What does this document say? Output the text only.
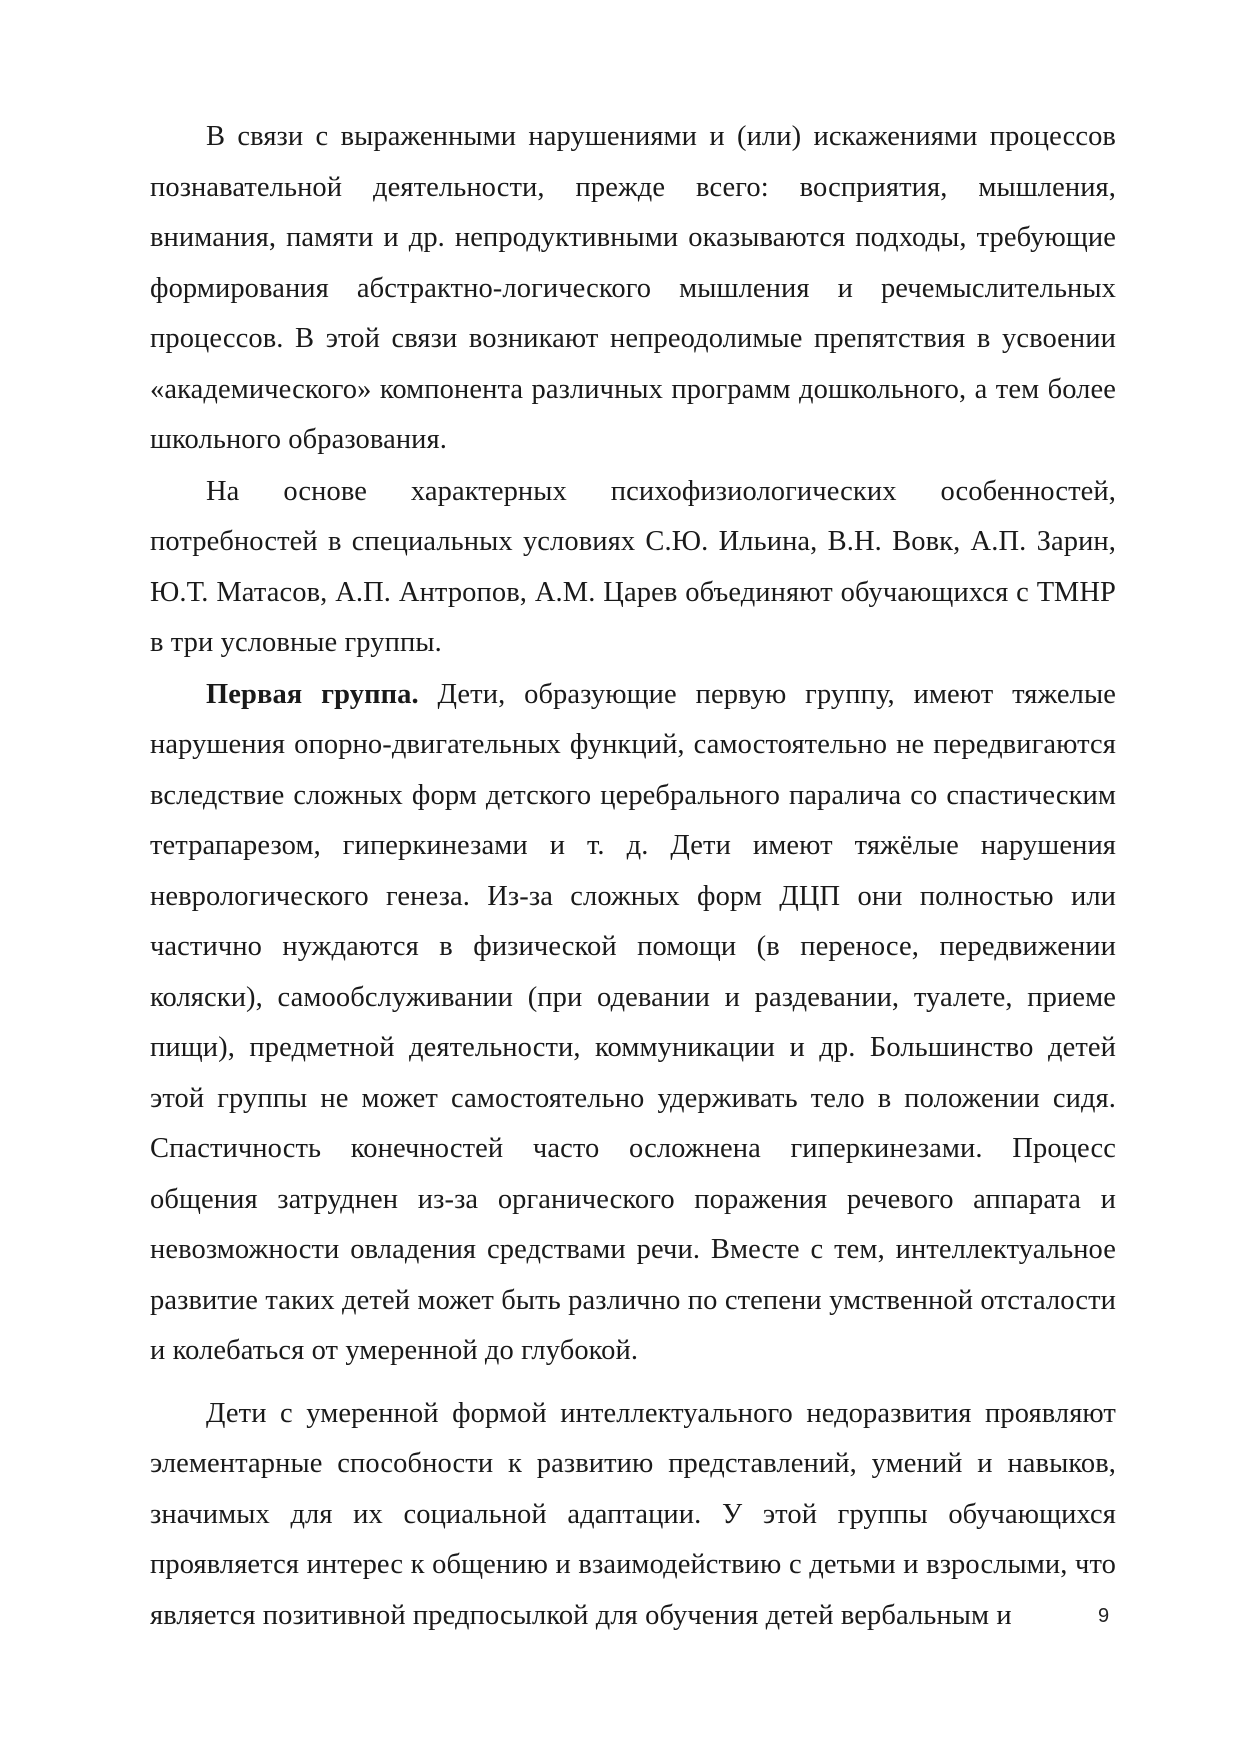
В связи с выраженными нарушениями и (или) искажениями процессов познавательной деятельности, прежде всего: восприятия, мышления, внимания, памяти и др. непродуктивными оказываются подходы, требующие формирования абстрактно-логического мышления и речемыслительных процессов. В этой связи возникают непреодолимые препятствия в усвоении «академического» компонента различных программ дошкольного, а тем более школьного образования.

На основе характерных психофизиологических особенностей, потребностей в специальных условиях С.Ю. Ильина, В.Н. Вовк, А.П. Зарин, Ю.Т. Матасов, А.П. Антропов, А.М. Царев объединяют обучающихся с ТМНР в три условные группы.

Первая группа. Дети, образующие первую группу, имеют тяжелые нарушения опорно-двигательных функций, самостоятельно не передвигаются вследствие сложных форм детского церебрального паралича со спастическим тетрапарезом, гиперкинезами и т. д. Дети имеют тяжёлые нарушения неврологического генеза. Из-за сложных форм ДЦП они полностью или частично нуждаются в физической помощи (в переносе, передвижении коляски), самообслуживании (при одевании и раздевании, туалете, приеме пищи), предметной деятельности, коммуникации и др. Большинство детей этой группы не может самостоятельно удерживать тело в положении сидя. Спастичность конечностей часто осложнена гиперкинезами. Процесс общения затруднен из-за органического поражения речевого аппарата и невозможности овладения средствами речи. Вместе с тем, интеллектуальное развитие таких детей может быть различно по степени умственной отсталости и колебаться от умеренной до глубокой.

Дети с умеренной формой интеллектуального недоразвития проявляют элементарные способности к развитию представлений, умений и навыков, значимых для их социальной адаптации. У этой группы обучающихся проявляется интерес к общению и взаимодействию с детьми и взрослыми, что является позитивной предпосылкой для обучения детей вербальным и	9
